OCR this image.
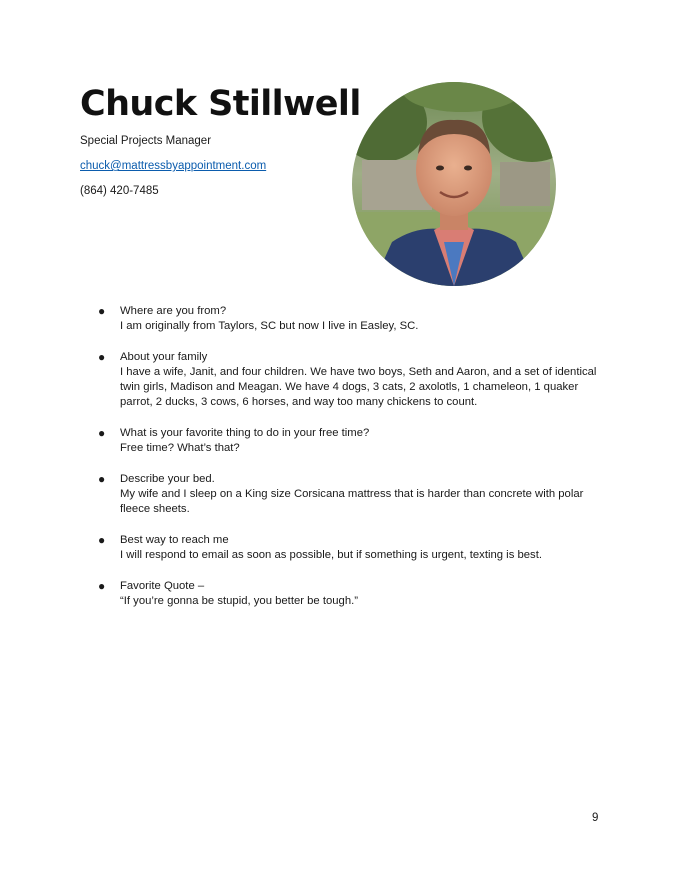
Chuck Stillwell
Special Projects Manager
chuck@mattressbyappointment.com
(864) 420-7485
● Where are you from?
I am originally from Taylors, SC but now I live in Easley, SC.
● About your family
I have a wife, Janit, and four children. We have two boys, Seth and Aaron, and a set of identical twin girls, Madison and Meagan. We have 4 dogs, 3 cats, 2 axolotls, 1 chameleon, 1 quaker parrot, 2 ducks, 3 cows, 6 horses, and way too many chickens to count.
● What is your favorite thing to do in your free time?
Free time? What’s that?
● Describe your bed.
My wife and I sleep on a King size Corsicana mattress that is harder than concrete with polar fleece sheets.
● Best way to reach me
I will respond to email as soon as possible, but if something is urgent, texting is best.
● Favorite Quote –
“If you’re gonna be stupid, you better be tough.”
9
